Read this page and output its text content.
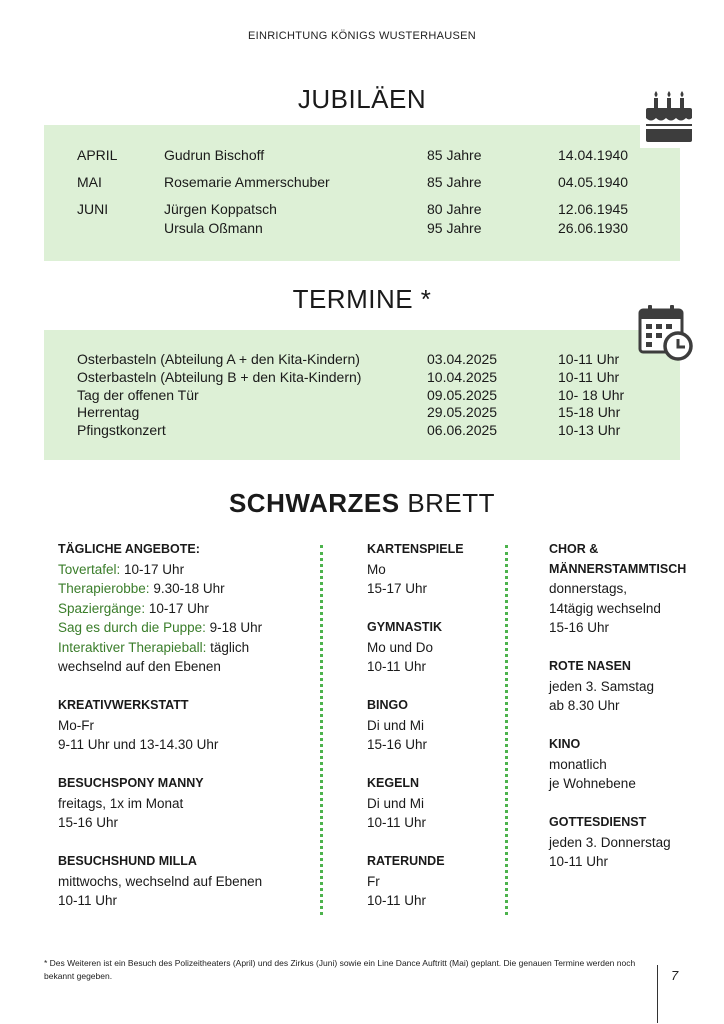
EINRICHTUNG KÖNIGS WUSTERHAUSEN
JUBILÄEN
APRIL	Gudrun Bischoff	85 Jahre	14.04.1940
MAI	Rosemarie Ammerschuber	85 Jahre	04.05.1940
JUNI	Jürgen Koppatsch	80 Jahre	12.06.1945
Ursula Oßmann	95 Jahre	26.06.1930
TERMINE *
Osterbasteln (Abteilung A + den Kita-Kindern)	03.04.2025	10-11 Uhr
Osterbasteln (Abteilung B + den Kita-Kindern)	10.04.2025	10-11 Uhr
Tag der offenen Tür	09.05.2025	10- 18 Uhr
Herrentag	29.05.2025	15-18 Uhr
Pfingstkonzert	06.06.2025	10-13 Uhr
SCHWARZES BRETT
TÄGLICHE ANGEBOTE:
Tovertafel: 10-17 Uhr
Therapierobbe: 9.30-18 Uhr
Spaziergänge: 10-17 Uhr
Sag es durch die Puppe: 9-18 Uhr
Interaktiver Therapieball: täglich
wechselnd auf den Ebenen
KREATIVWERKSTATT
Mo-Fr
9-11 Uhr und 13-14.30 Uhr
BESUCHSPONY MANNY
freitags, 1x im Monat
15-16 Uhr
BESUCHSHUND MILLA
mittwochs, wechselnd auf Ebenen
10-11 Uhr
KARTENSPIELE
Mo
15-17 Uhr
GYMNASTIK
Mo und Do
10-11 Uhr
BINGO
Di und Mi
15-16 Uhr
KEGELN
Di und Mi
10-11 Uhr
RATERUNDE
Fr
10-11 Uhr
CHOR &
MÄNNERSTAMMTISCH
donnerstags,
14tägig wechselnd
15-16 Uhr
ROTE NASEN
jeden 3. Samstag
ab 8.30 Uhr
KINO
monatlich
je Wohnebene
GOTTESDIENST
jeden 3. Donnerstag
10-11 Uhr
* Des Weiteren ist ein Besuch des Polizeitheaters (April) und des Zirkus (Juni) sowie ein Line Dance Auftritt (Mai) geplant. Die genauen Termine werden noch bekannt gegeben.	7
